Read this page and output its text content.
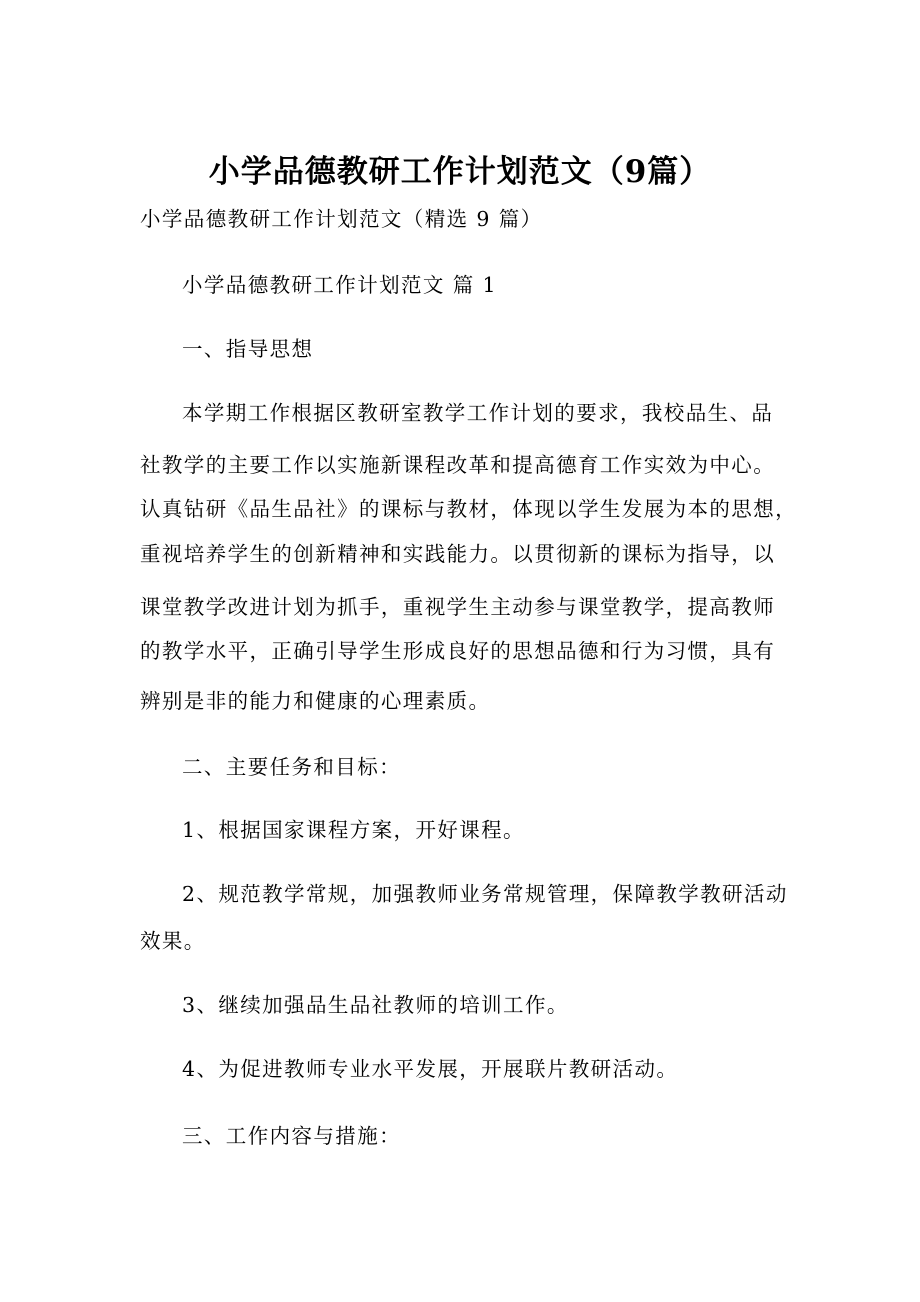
小学品德教研工作计划范文（9篇）
小学品德教研工作计划范文（精选 9 篇）
小学品德教研工作计划范文 篇 1
一、指导思想
本学期工作根据区教研室教学工作计划的要求，我校品生、品
社教学的主要工作以实施新课程改革和提高德育工作实效为中心。
认真钻研《品生品社》的课标与教材，体现以学生发展为本的思想，
重视培养学生的创新精神和实践能力。以贯彻新的课标为指导，以
课堂教学改进计划为抓手，重视学生主动参与课堂教学，提高教师
的教学水平，正确引导学生形成良好的思想品德和行为习惯，具有
辨别是非的能力和健康的心理素质。
二、主要任务和目标：
1、根据国家课程方案，开好课程。
2、规范教学常规，加强教师业务常规管理，保障教学教研活动
效果。
3、继续加强品生品社教师的培训工作。
4、为促进教师专业水平发展，开展联片教研活动。
三、工作内容与措施：
